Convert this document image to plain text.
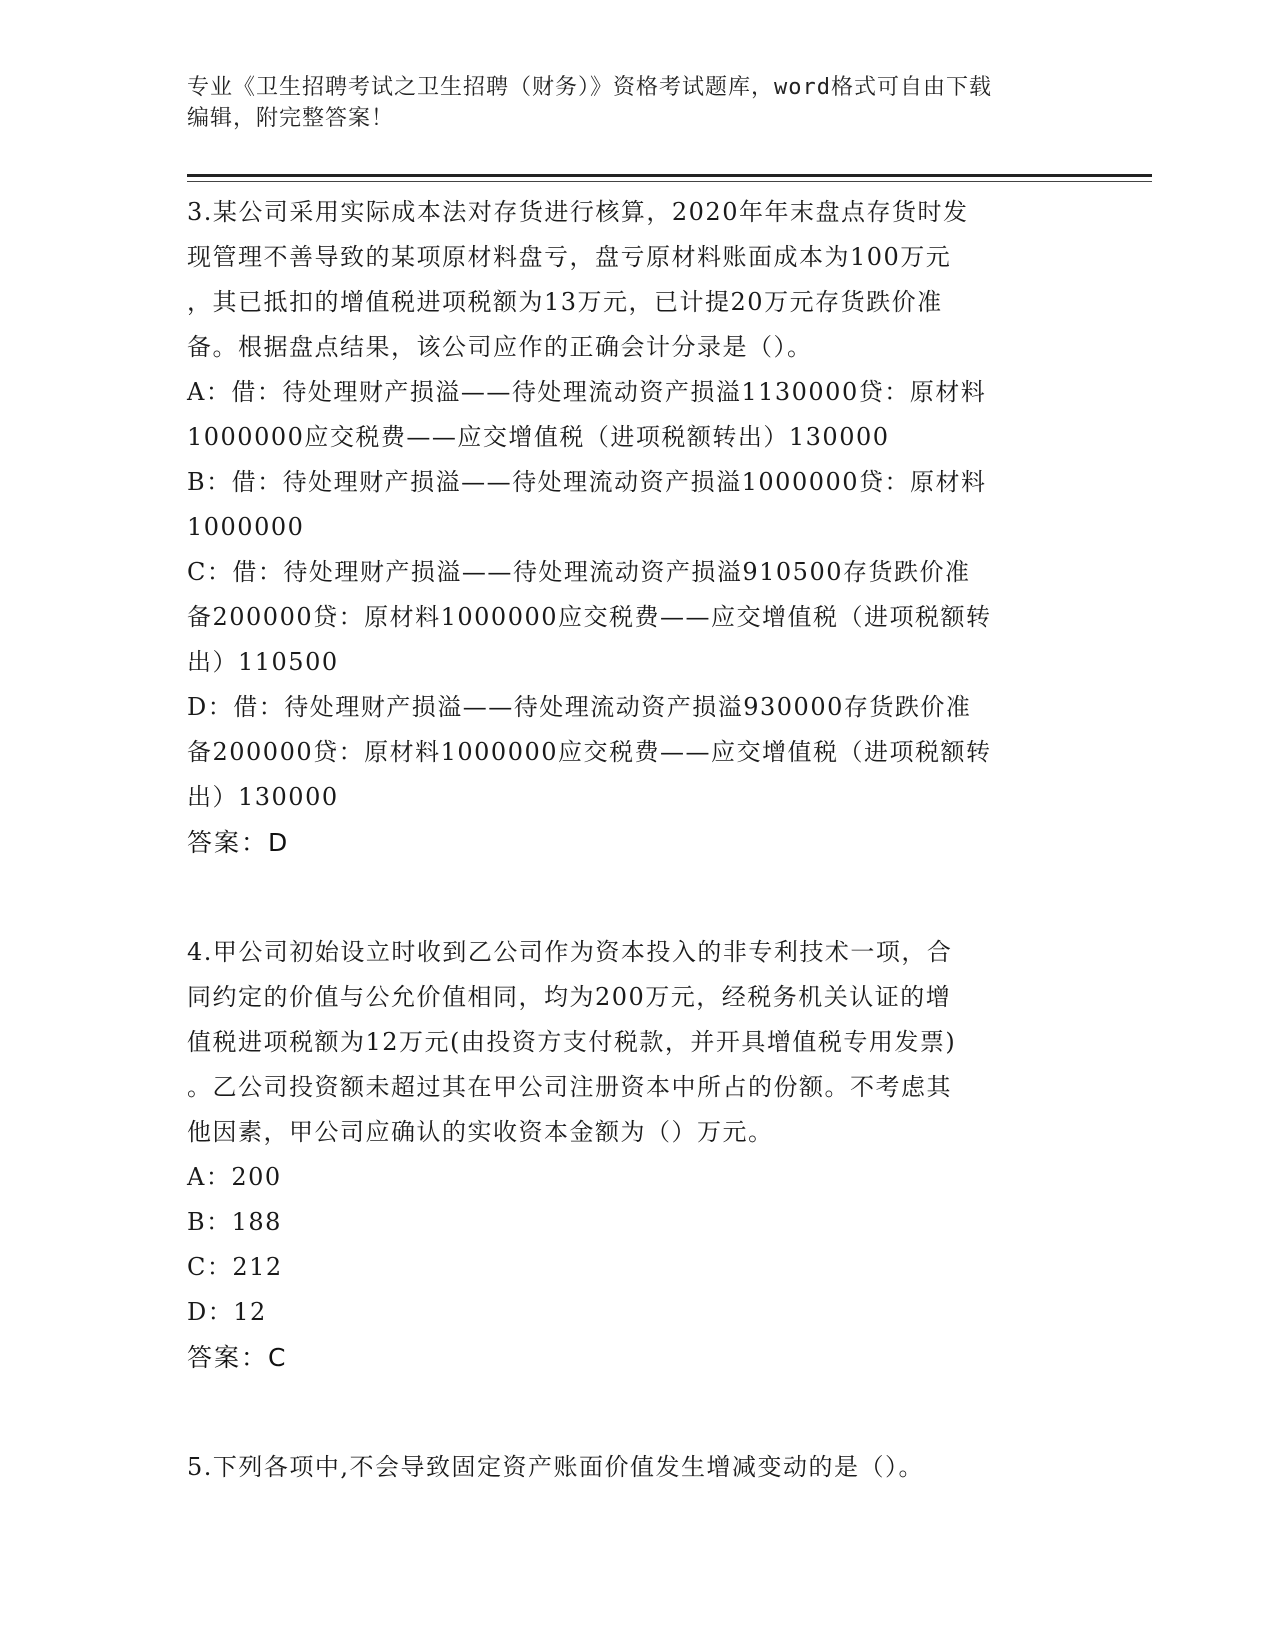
专业《卫生招聘考试之卫生招聘（财务）》资格考试题库，word格式可自由下载
编辑，附完整答案！
3.某公司采用实际成本法对存货进行核算，2020年年末盘点存货时发
现管理不善导致的某项原材料盘亏，盘亏原材料账面成本为100万元
，其已抵扣的增值税进项税额为13万元，已计提20万元存货跌价准
备。根据盘点结果，该公司应作的正确会计分录是（）。
A：借：待处理财产损溢——待处理流动资产损溢1130000贷：原材料
1000000应交税费——应交增值税（进项税额转出）130000
B：借：待处理财产损溢——待处理流动资产损溢1000000贷：原材料
1000000
C：借：待处理财产损溢——待处理流动资产损溢910500存货跌价准
备200000贷：原材料1000000应交税费——应交增值税（进项税额转
出）110500
D：借：待处理财产损溢——待处理流动资产损溢930000存货跌价准
备200000贷：原材料1000000应交税费——应交增值税（进项税额转
出）130000
答案：D
4.甲公司初始设立时收到乙公司作为资本投入的非专利技术一项，合
同约定的价值与公允价值相同，均为200万元，经税务机关认证的增
值税进项税额为12万元(由投资方支付税款，并开具增值税专用发票)
。乙公司投资额未超过其在甲公司注册资本中所占的份额。不考虑其
他因素，甲公司应确认的实收资本金额为（）万元。
A：200
B：188
C：212
D：12
答案：C
5.下列各项中,不会导致固定资产账面价值发生增减变动的是（）。
